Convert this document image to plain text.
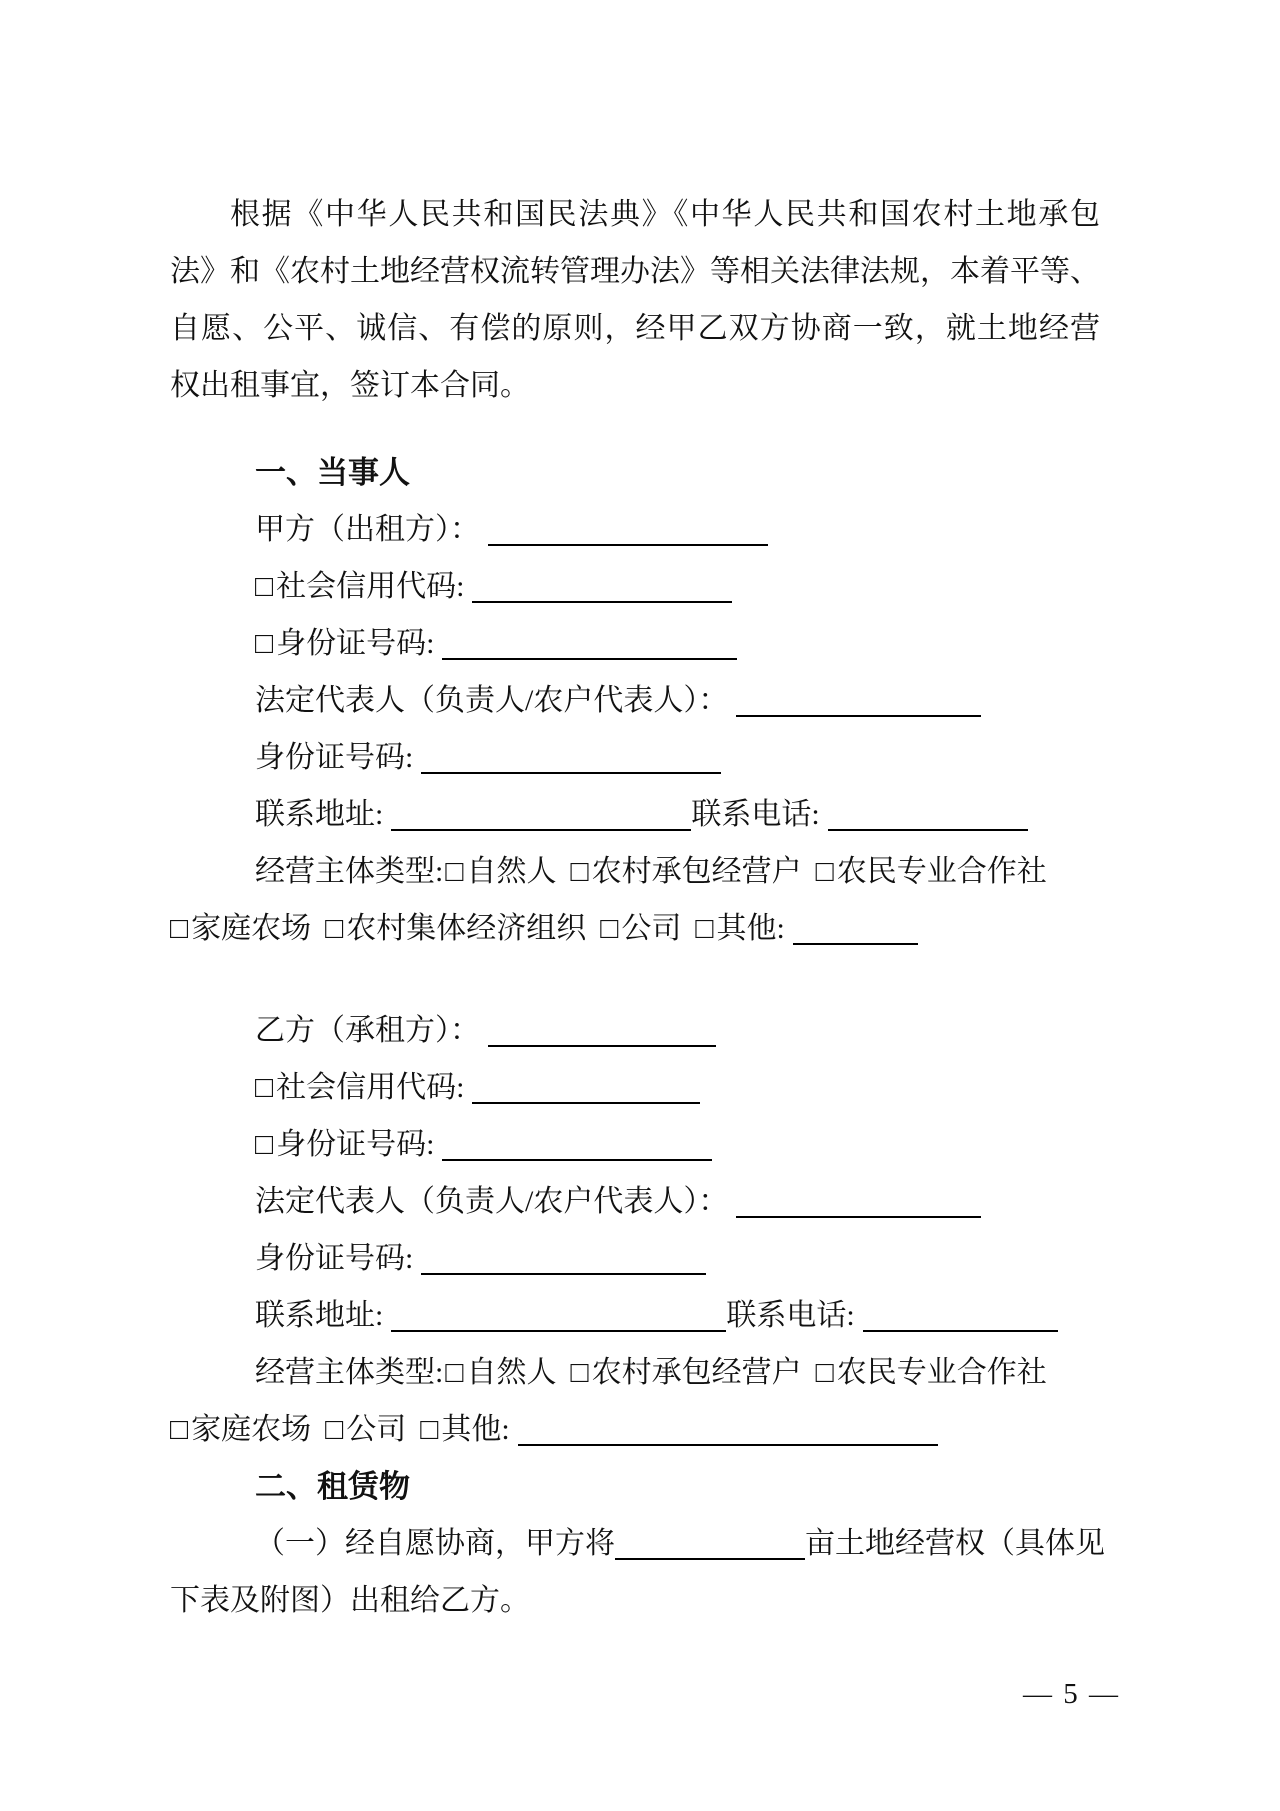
根据《中华人民共和国民法典》《中华人民共和国农村土地承包
法》和《农村土地经营权流转管理办法》等相关法律法规，本着平等、
自愿、公平、诚信、有偿的原则，经甲乙双方协商一致，就土地经营
权出租事宜，签订本合同。
一、当事人
甲方（出租方）：
□ 社会信用代码:
□ 身份证号码:
法定代表人（负责人/农户代表人）：
身份证号码:
联系地址:	联系电话:
经营主体类型:□ 自然人 □ 农村承包经营户 □ 农民专业合作社
□ 家庭农场 □ 农村集体经济组织 □ 公司 □ 其他:
乙方（承租方）：
□ 社会信用代码:
□ 身份证号码:
法定代表人（负责人/农户代表人）：
身份证号码:
联系地址:	联系电话:
经营主体类型:□ 自然人 □ 农村承包经营户 □ 农民专业合作社
□ 家庭农场 □ 公司 □ 其他:
二、租赁物
（一）经自愿协商，甲方将	亩土地经营权（具体见
下表及附图）出租给乙方。
— 5 —
